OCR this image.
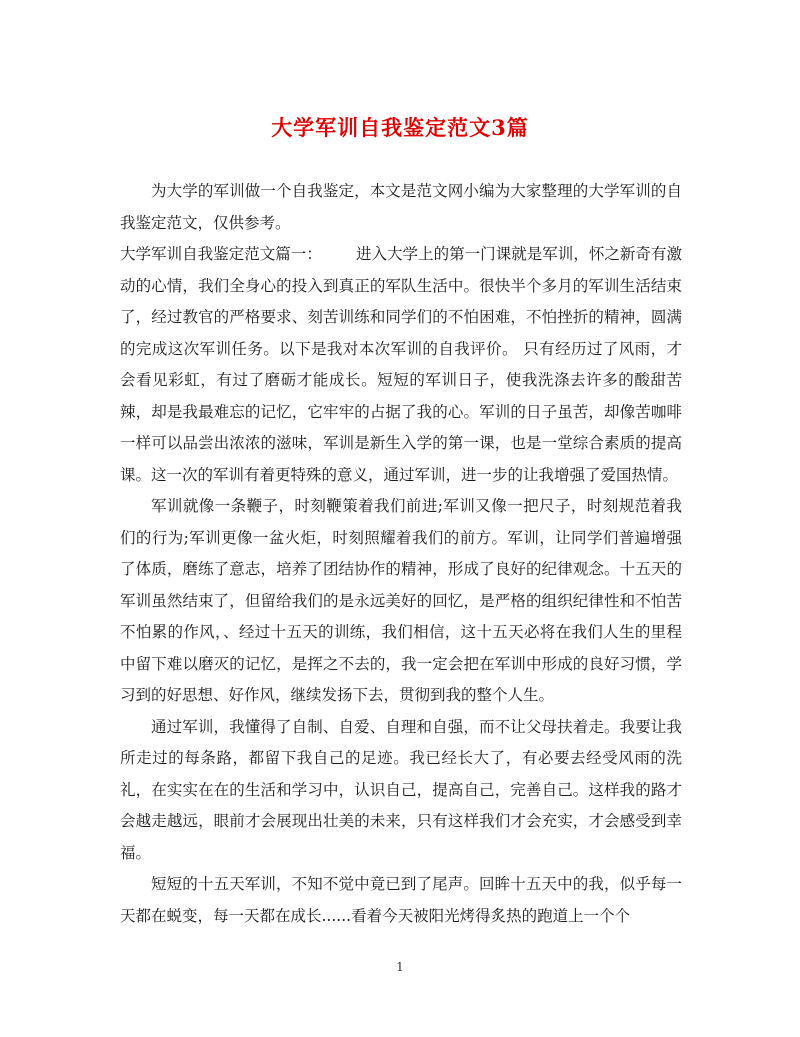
大学军训自我鉴定范文3篇

为大学的军训做一个自我鉴定，本文是范文网小编为大家整理的大学军训的自我鉴定范文，仅供参考。

大学军训自我鉴定范文篇一： 进入大学上的第一门课就是军训，怀之新奇有激动的心情，我们全身心的投入到真正的军队生活中。很快半个多月的军训生活结束了，经过教官的严格要求、刻苦训练和同学们的不怕困难，不怕挫折的精神，圆满的完成这次军训任务。以下是我对本次军训的自我评价。 只有经历过了风雨，才会看见彩虹，有过了磨砺才能成长。短短的军训日子，使我洗涤去许多的酸甜苦辣，却是我最难忘的记忆，它牢牢的占据了我的心。军训的日子虽苦，却像苦咖啡一样可以品尝出浓浓的滋味，军训是新生入学的第一课，也是一堂综合素质的提高课。这一次的军训有着更特殊的意义，通过军训，进一步的让我增强了爱国热情。

军训就像一条鞭子，时刻鞭策着我们前进;军训又像一把尺子，时刻规范着我们的行为;军训更像一盆火炬，时刻照耀着我们的前方。军训，让同学们普遍增强了体质，磨练了意志，培养了团结协作的精神，形成了良好的纪律观念。十五天的军训虽然结束了，但留给我们的是永远美好的回忆，是严格的组织纪律性和不怕苦不怕累的作风，、经过十五天的训练，我们相信，这十五天必将在我们人生的里程中留下难以磨灭的记忆，是挥之不去的，我一定会把在军训中形成的良好习惯，学习到的好思想、好作风，继续发扬下去，贯彻到我的整个人生。

通过军训，我懂得了自制、自爱、自理和自强，而不让父母扶着走。我要让我所走过的每条路，都留下我自己的足迹。我已经长大了，有必要去经受风雨的洗礼，在实实在在的生活和学习中，认识自己，提高自己，完善自己。这样我的路才会越走越远，眼前才会展现出壮美的未来，只有这样我们才会充实，才会感受到幸福。

短短的十五天军训，不知不觉中竟已到了尾声。回眸十五天中的我，似乎每一天都在蜕变，每一天都在成长......看着今天被阳光烤得炙热的跑道上一个个

1
